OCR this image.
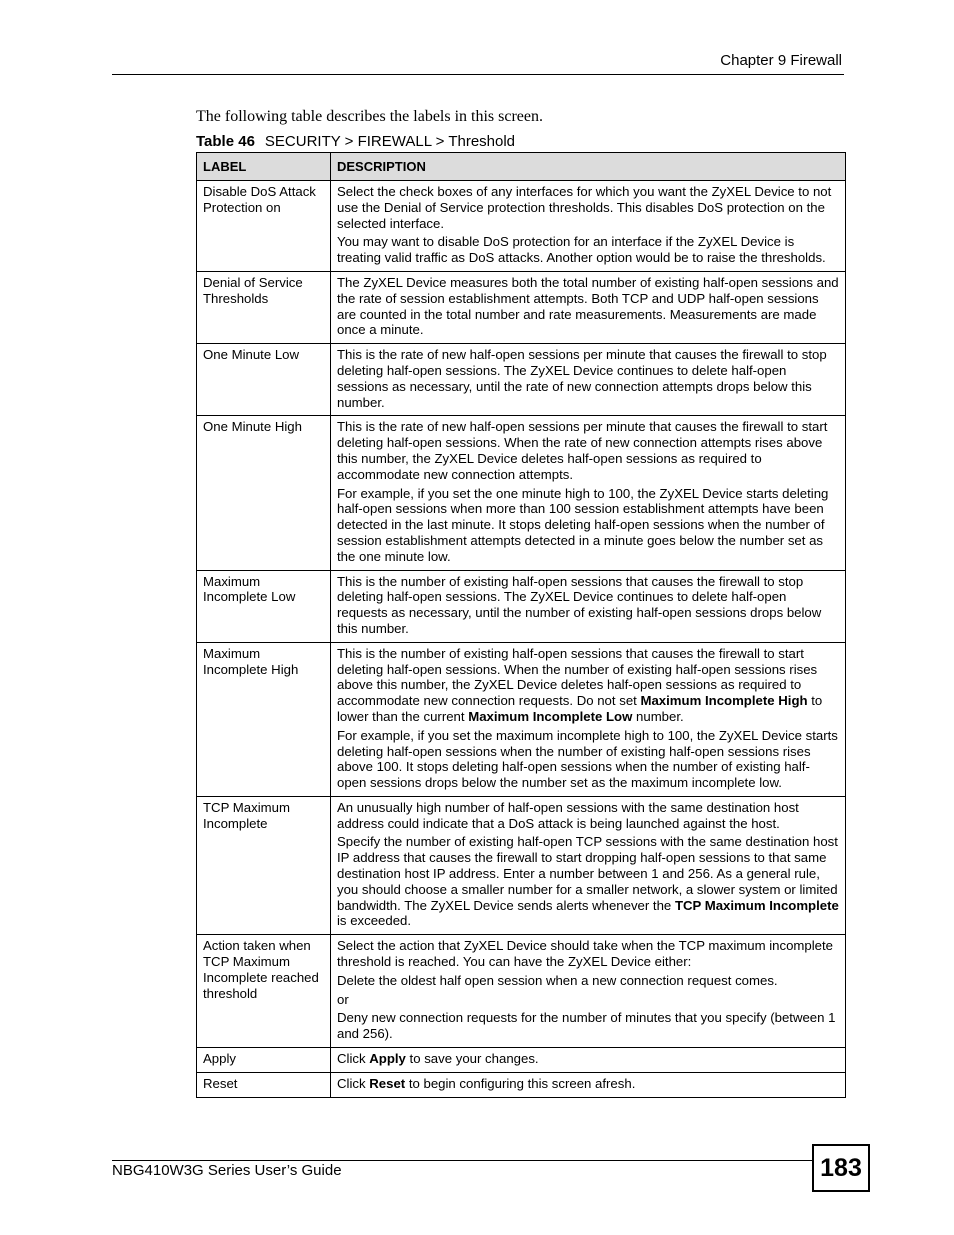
Chapter 9 Firewall
The following table describes the labels in this screen.
Table 46 SECURITY > FIREWALL > Threshold
LABEL	DESCRIPTION
Disable DoS Attack Protection on	Select the check boxes of any interfaces for which you want the ZyXEL Device to not use the Denial of Service protection thresholds. This disables DoS protection on the selected interface.

You may want to disable DoS protection for an interface if the ZyXEL Device is treating valid traffic as DoS attacks. Another option would be to raise the thresholds.

Denial of Service Thresholds	The ZyXEL Device measures both the total number of existing half-open sessions and the rate of session establishment attempts. Both TCP and UDP half-open sessions are counted in the total number and rate measurements. Measurements are made once a minute.

One Minute Low	This is the rate of new half-open sessions per minute that causes the firewall to stop deleting half-open sessions. The ZyXEL Device continues to delete half-open sessions as necessary, until the rate of new connection attempts drops below this number.

One Minute High	This is the rate of new half-open sessions per minute that causes the firewall to start deleting half-open sessions. When the rate of new connection attempts rises above this number, the ZyXEL Device deletes half-open sessions as required to accommodate new connection attempts.

For example, if you set the one minute high to 100, the ZyXEL Device starts deleting half-open sessions when more than 100 session establishment attempts have been detected in the last minute. It stops deleting half-open sessions when the number of session establishment attempts detected in a minute goes below the number set as the one minute low.

Maximum Incomplete Low	This is the number of existing half-open sessions that causes the firewall to stop deleting half-open sessions. The ZyXEL Device continues to delete half-open requests as necessary, until the number of existing half-open sessions drops below this number.

Maximum Incomplete High	This is the number of existing half-open sessions that causes the firewall to start deleting half-open sessions. When the number of existing half-open sessions rises above this number, the ZyXEL Device deletes half-open sessions as required to accommodate new connection requests. Do not set Maximum Incomplete High to lower than the current Maximum Incomplete Low number.

For example, if you set the maximum incomplete high to 100, the ZyXEL Device starts deleting half-open sessions when the number of existing half-open sessions rises above 100. It stops deleting half-open sessions when the number of existing half-open sessions drops below the number set as the maximum incomplete low.

TCP Maximum Incomplete	An unusually high number of half-open sessions with the same destination host address could indicate that a DoS attack is being launched against the host.

Specify the number of existing half-open TCP sessions with the same destination host IP address that causes the firewall to start dropping half-open sessions to that same destination host IP address. Enter a number between 1 and 256. As a general rule, you should choose a smaller number for a smaller network, a slower system or limited bandwidth. The ZyXEL Device sends alerts whenever the TCP Maximum Incomplete is exceeded.

Action taken when TCP Maximum Incomplete reached threshold	Select the action that ZyXEL Device should take when the TCP maximum incomplete threshold is reached. You can have the ZyXEL Device either:

Delete the oldest half open session when a new connection request comes.

or

Deny new connection requests for the number of minutes that you specify (between 1 and 256).

Apply	Click Apply to save your changes.

Reset	Click Reset to begin configuring this screen afresh.

NBG410W3G Series User’s Guide	183
